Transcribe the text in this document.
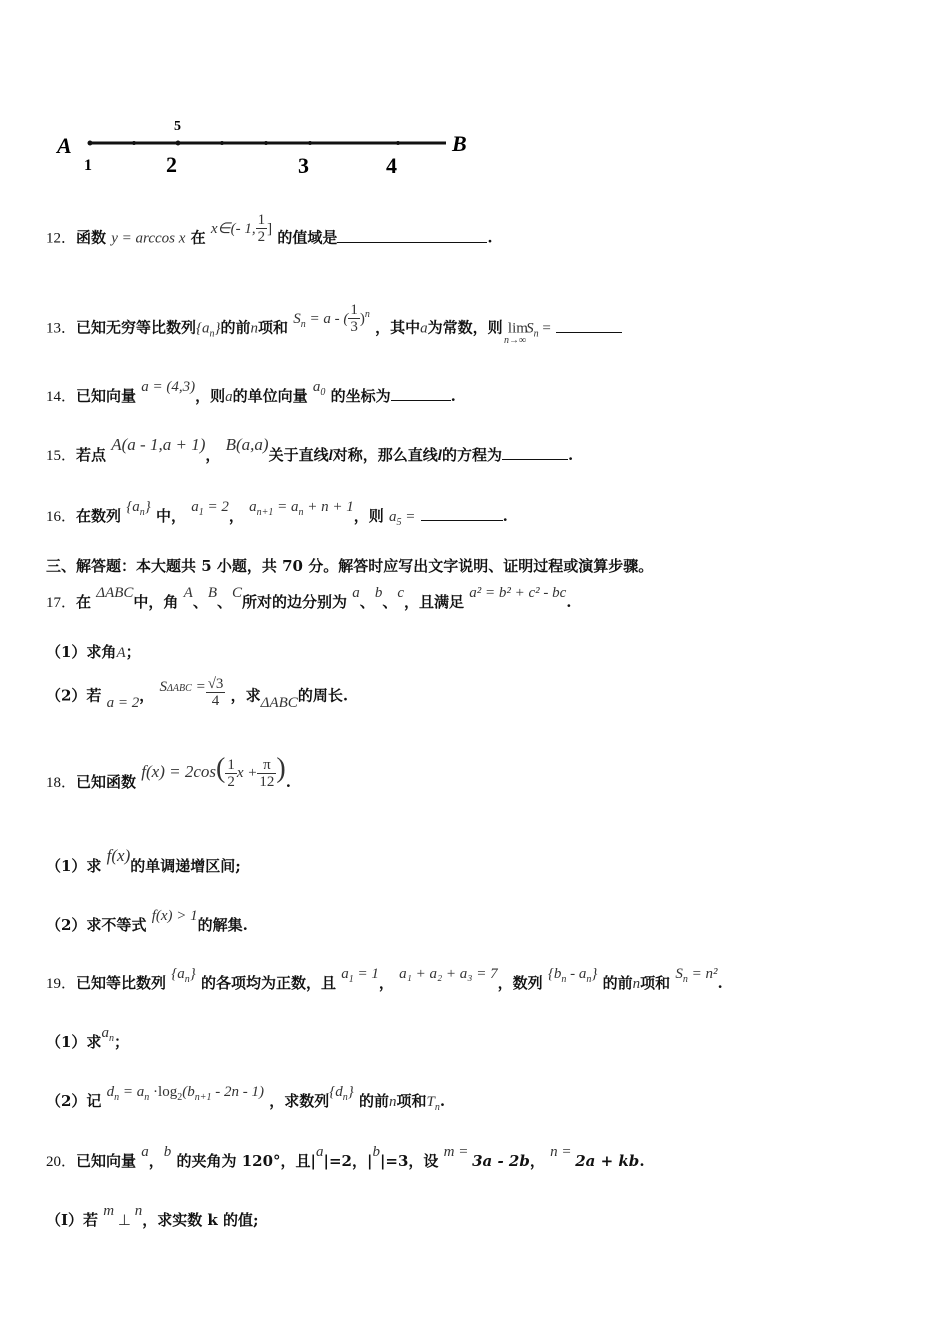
A	B
1	2	3	4
5
12．函数 y = arccos x 在 x∈(- 1, $\frac{1}{2}$ ] 的值域是	.
13．已知无穷等比数列$\{a_n\}$的前n项和 $S_n = a$ - ( $\frac{1}{3} )^n$ ，其中a为常数，则 $\lim_{n\to\infty}S_n$ =
14．已知向量 a = (4,3)，则a的单位向量 $a_0$ 的坐标为	.
15．若点 A(a - 1,a + 1)， B(a,a)关于直线l对称，那么直线l的方程为	.
16．在数列 $\{a_n\}$ 中， $a_1 = 2$， $a_{n+1} = a_n + n + 1$，则 $a_5$ =	.
三、解答题：本大题共 5 小题，共 70 分。解答时应写出文字说明、证明过程或演算步骤。
17．在 ΔABC中，角 A、B、C所对的边分别为 a、b、c，且满足 a² = b² + c² - bc.
（1）求角A；
（2）若 a = 2， $S^{\Delta ABC} = \frac{√3}{4}$ ，求ΔABC的周长.
18．已知函数 $f(x) = 2\cos( \frac{1}{2}$ $x + \frac{\pi}{12}$ ).
（1）求 f(x)的单调递增区间;
（2）求不等式 f(x) > 1的解集.
19．已知等比数列 $\{a_n\}$ 的各项均为正数，且 $a_1 = 1$， a₁ + a₂ + a₃ = 7，数列 $\{b_n - a_n\}$ 的前n项和 $S_n = n^2$.
（1）求$a_n$；
（2）记 $d_n = a_n \cdot\log_2(b_{n+1} - 2n - 1)$ ，求数列$\{d_n\}$ 的前n项和$T_n$.
20．已知向量 a，b 的夹角为 120°，且|a|=2，|b|=3，设 m = 3a - 2b， n = 2a + kb.
（I）若 m ⊥ n，求实数 k 的值;
